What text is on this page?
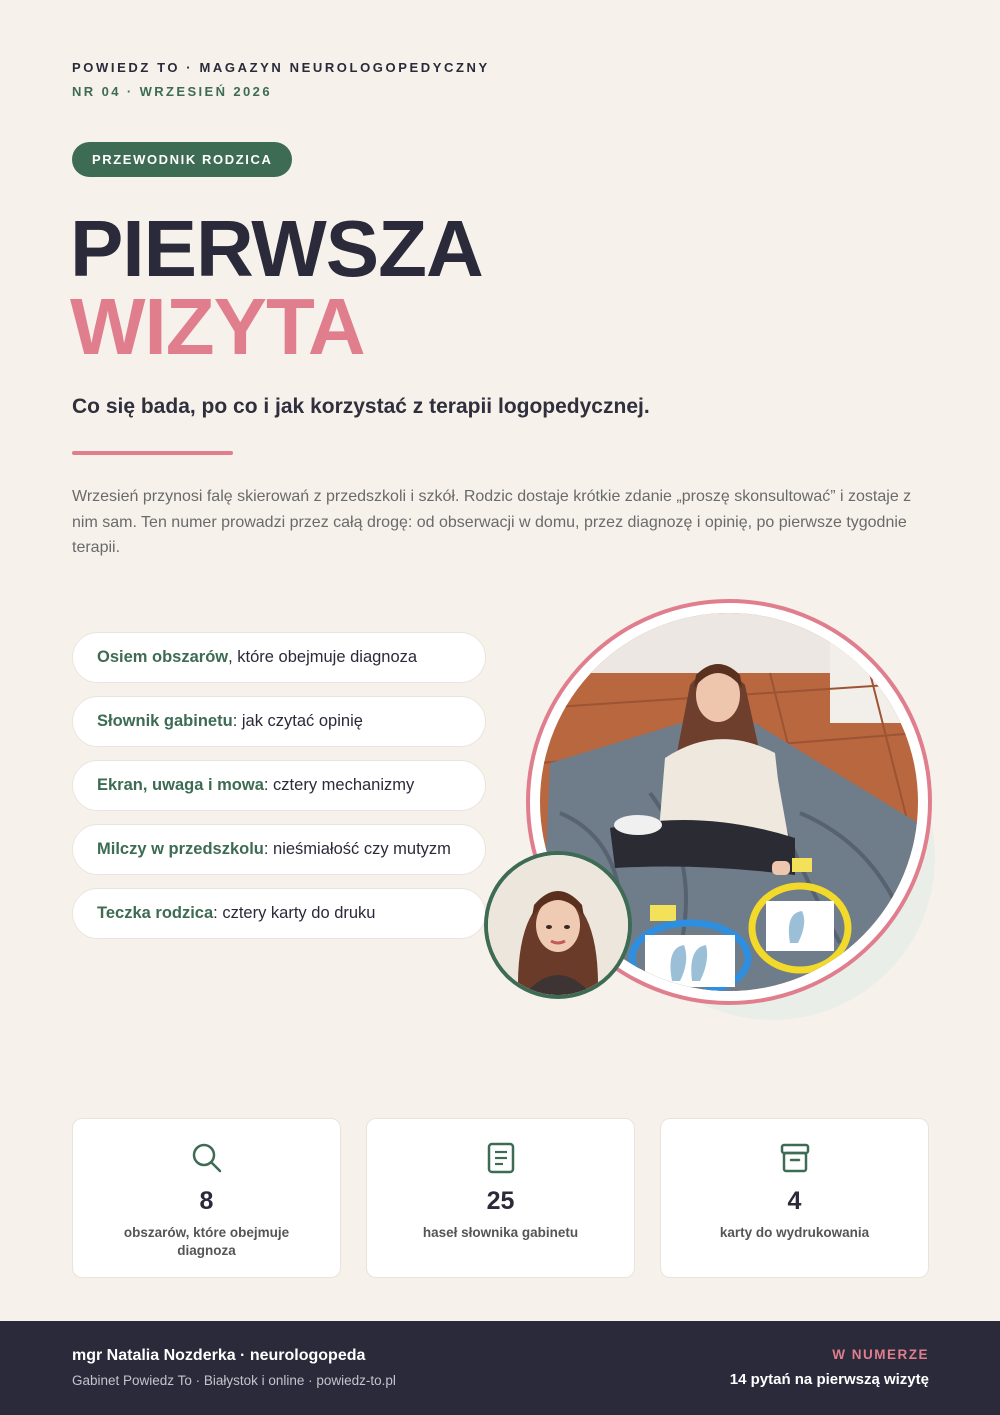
POWIEDZ TO · MAGAZYN NEUROLOGOPEDYCZNY
NR 04 · WRZESIEŃ 2026
PRZEWODNIK RODZICA
PIERWSZA
WIZYTA
Co się bada, po co i jak korzystać z terapii logopedycznej.

Wrzesień przynosi falę skierowań z przedszkoli i szkół. Rodzic dostaje krótkie zdanie „proszę skonsultować” i zostaje z nim sam. Ten numer prowadzi przez całą drogę: od obserwacji w domu, przez diagnozę i opinię, po pierwsze tygodnie terapii.

Osiem obszarów, które obejmuje diagnoza
Słownik gabinetu: jak czytać opinię
Ekran, uwaga i mowa: cztery mechanizmy
Milczy w przedszkolu: nieśmiałość czy mutyzm
Teczka rodzica: cztery karty do druku
8
obszarów, które obejmuje diagnoza
25
haseł słownika gabinetu
4
karty do wydrukowania
mgr Natalia Nozderka · neurologopeda
Gabinet Powiedz To · Białystok i online · powiedz-to.pl
W NUMERZE
14 pytań na pierwszą wizytę
